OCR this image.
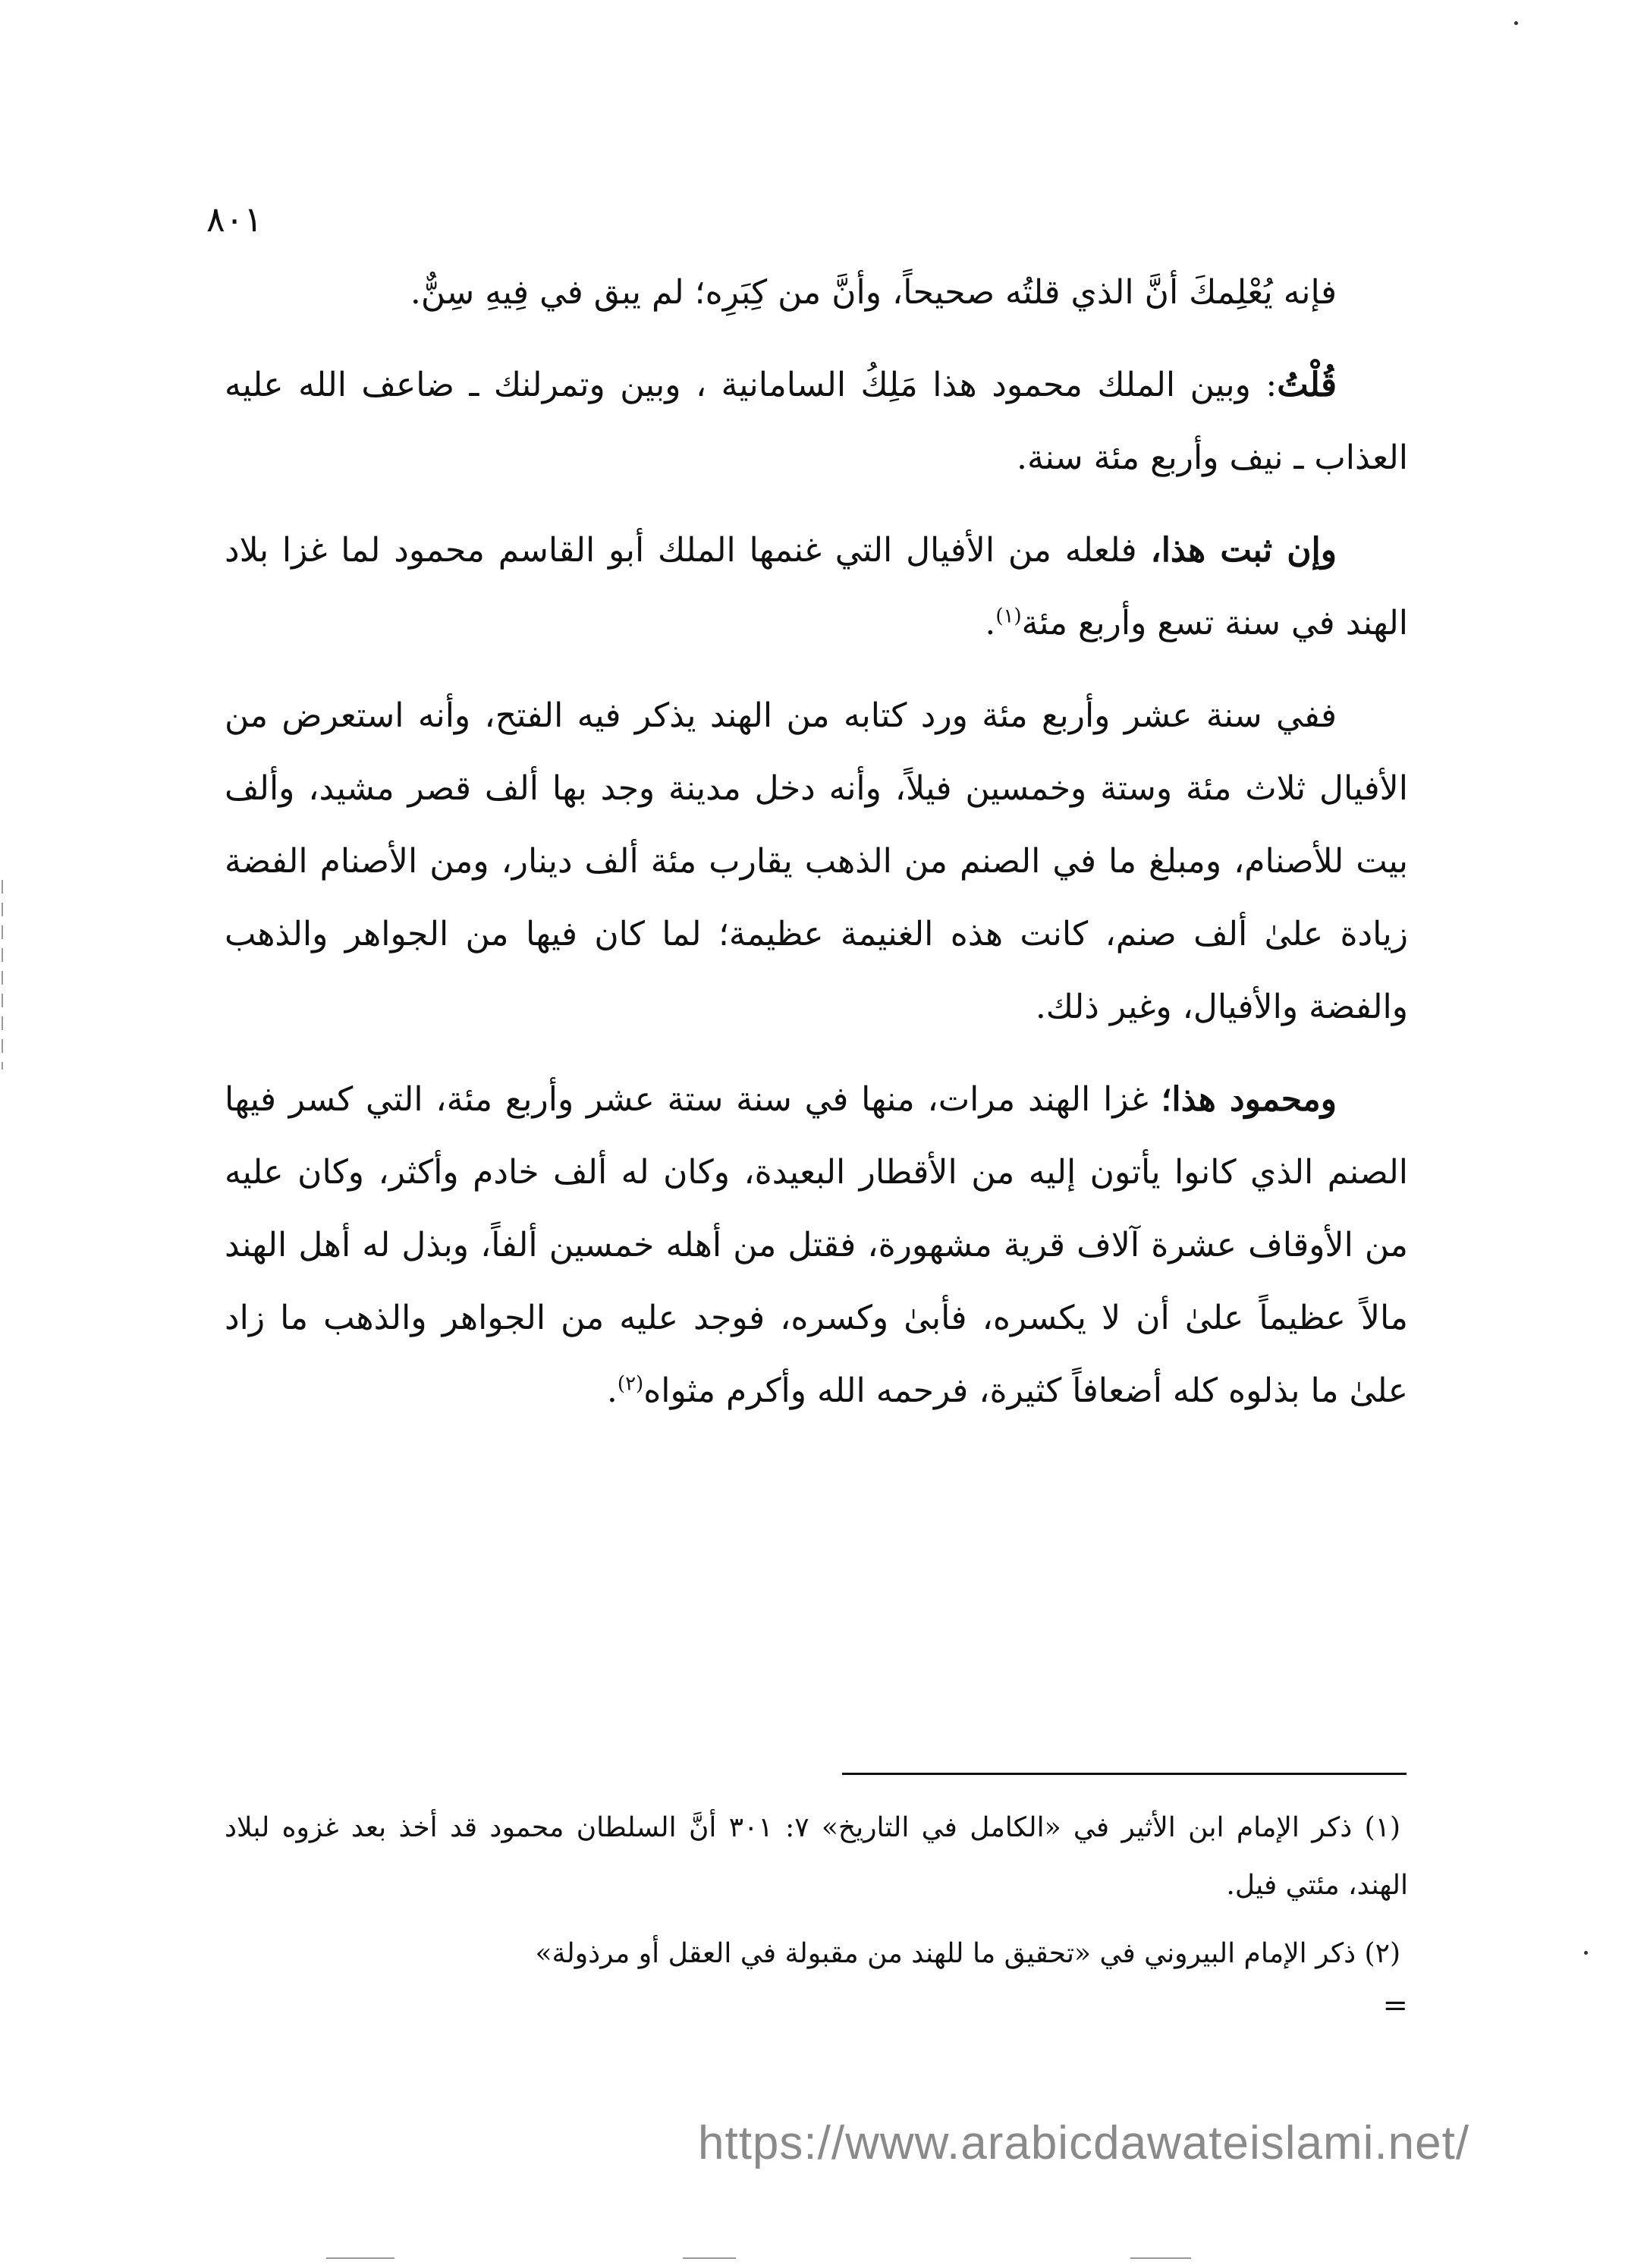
٨٠١

فإنه يُعْلِمكَ أنَّ الذي قلتُه صحيحاً، وأنَّ من كِبَرِه؛ لم يبق في فِيهِ سِنٌّ.

قُلْتُ: وبين الملك محمود هذا مَلِكُ السامانية ، وبين وتمرلنك ـ ضاعف الله عليه العذاب ـ نيف وأربع مئة سنة.

وإن ثبت هذا، فلعله من الأفيال التي غنمها الملك أبو القاسم محمود لما غزا بلاد الهند في سنة تسع وأربع مئة$^{(١)}$.

ففي سنة عشر وأربع مئة ورد كتابه من الهند يذكر فيه الفتح، وأنه استعرض من الأفيال ثلاث مئة وستة وخمسين فيلاً، وأنه دخل مدينة وجد بها ألف قصر مشيد، وألف بيت للأصنام، ومبلغ ما في الصنم من الذهب يقارب مئة ألف دينار، ومن الأصنام الفضة زيادة علىٰ ألف صنم، كانت هذه الغنيمة عظيمة؛ لما كان فيها من الجواهر والذهب والفضة والأفيال، وغير ذلك.

ومحمود هذا؛ غزا الهند مرات، منها في سنة ستة عشر وأربع مئة، التي كسر فيها الصنم الذي كانوا يأتون إليه من الأقطار البعيدة، وكان له ألف خادم وأكثر، وكان عليه من الأوقاف عشرة آلاف قرية مشهورة، فقتل من أهله خمسين ألفاً، وبذل له أهل الهند مالاً عظيماً علىٰ أن لا يكسره، فأبىٰ وكسره، فوجد عليه من الجواهر والذهب ما زاد علىٰ ما بذلوه كله أضعافاً كثيرة، فرحمه الله وأكرم مثواه$^{(٢)}$.

(١) ذكر الإمام ابن الأثير في «الكامل في التاريخ» ٧: ٣٠١ أنَّ السلطان محمود قد أخذ بعد غزوه لبلاد الهند، مئتي فيل.

(٢) ذكر الإمام البيروني في «تحقيق ما للهند من مقبولة في العقل أو مرذولة»

=

https://www.arabicdawateislami.net/
